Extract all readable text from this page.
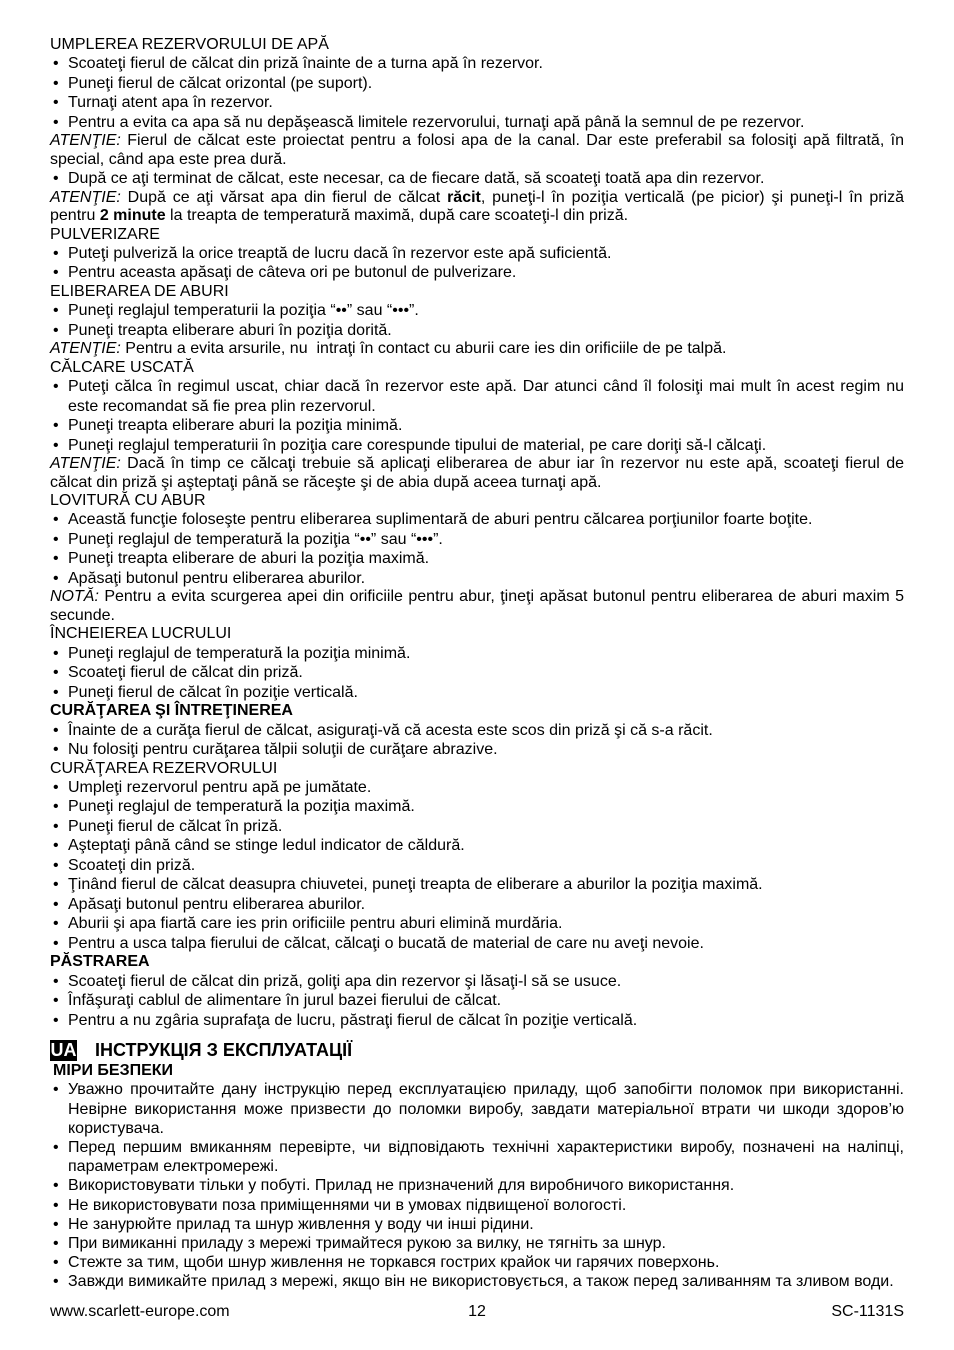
UMPLEREA REZERVORULUI DE APĂ

• Scoateţi fierul de călcat din priză înainte de a turna apă în rezervor.
• Puneţi fierul de călcat orizontal (pe suport).
• Turnaţi atent apa în rezervor.
• Pentru a evita ca apa să nu depăşească limitele rezervorului, turnaţi apă până la semnul de pe rezervor.

ATENŢIE: Fierul de călcat este proiectat pentru a folosi apa de la canal. Dar este preferabil sa folosiţi apă filtrată, în special, când apa este prea dură.

• După ce aţi terminat de călcat, este necesar, ca de fiecare dată, să scoateţi toată apa din rezervor.

ATENŢIE: După ce aţi vărsat apa din fierul de călcat răcit, puneţi-l în poziţia verticală (pe picior) şi puneţi-l în priză pentru 2 minute la treapta de temperatură maximă, după care scoateţi-l din priză.

PULVERIZARE

• Puteţi pulveriză la orice treaptă de lucru dacă în rezervor este apă suficientă.
• Pentru aceasta apăsaţi de câteva ori pe butonul de pulverizare.

ELIBERAREA DE ABURI

• Puneţi reglajul temperaturii la poziţia “••” sau “•••”.
• Puneţi treapta eliberare aburi în poziţia dorită.

ATENŢIE: Pentru a evita arsurile, nu  intraţi în contact cu aburii care ies din orificiile de pe talpă.

CĂLCARE USCATĂ

• Puteţi călca în regimul uscat, chiar dacă în rezervor este apă. Dar atunci când îl folosiţi mai mult în acest regim nu este recomandat să fie prea plin rezervorul.
• Puneţi treapta eliberare aburi la poziţia minimă.
• Puneţi reglajul temperaturii în poziţia care corespunde tipului de material, pe care doriţi să-l călcaţi.

ATENŢIE: Dacă în timp ce călcaţi trebuie să aplicaţi eliberarea de abur iar în rezervor nu este apă, scoateţi fierul de călcat din priză şi aşteptaţi până se răceşte şi de abia după aceea turnaţi apă.

LOVITURĂ CU ABUR

• Această funcţie foloseşte pentru eliberarea suplimentară de aburi pentru călcarea porţiunilor foarte boţite.
• Puneţi reglajul de temperatură la poziţia “••” sau “•••”.
• Puneţi treapta eliberare de aburi la poziţia maximă.
• Apăsaţi butonul pentru eliberarea aburilor.

NOTĂ: Pentru a evita scurgerea apei din orificiile pentru abur, ţineţi apăsat butonul pentru eliberarea de aburi maxim 5 secunde.

ÎNCHEIEREA LUCRULUI

• Puneţi reglajul de temperatură la poziţia minimă.
• Scoateţi fierul de călcat din priză.
• Puneţi fierul de călcat în poziţie verticală.

CURĂŢAREA ŞI ÎNTREŢINEREA

• Înainte de a curăţa fierul de călcat, asiguraţi-vă că acesta este scos din priză şi că s-a răcit.
• Nu folosiţi pentru curăţarea tălpii soluţii de curăţare abrazive.

CURĂŢAREA REZERVORULUI

• Umpleţi rezervorul pentru apă pe jumătate.
• Puneţi reglajul de temperatură la poziţia maximă.
• Puneţi fierul de călcat în priză.
• Aşteptaţi până când se stinge ledul indicator de căldură.
• Scoateţi din priză.
• Ţinând fierul de călcat deasupra chiuvetei, puneţi treapta de eliberare a aburilor la poziţia maximă.
• Apăsaţi butonul pentru eliberarea aburilor.
• Aburii şi apa fiartă care ies prin orificiile pentru aburi elimină murdăria.
• Pentru a usca talpa fierului de călcat, călcaţi o bucată de material de care nu aveţi nevoie.

PĂSTRAREA

• Scoateţi fierul de călcat din priză, goliţi apa din rezervor şi lăsaţi-l să se usuce.
• Înfăşuraţi cablul de alimentare în jurul bazei fierului de călcat.
• Pentru a nu zgâria suprafaţa de lucru, păstraţi fierul de călcat în poziţie verticală.
UA ІНСТРУКЦІЯ З ЕКСПЛУАТАЦІЇ

МІРИ БЕЗПЕКИ

• Уважно прочитайте дану інструкцію перед експлуатацією приладу, щоб запобігти поломок при використанні. Невірне використання може призвести до поломки виробу, завдати матеріальної втрати чи шкоди здоров’ю користувача.
• Перед першим вмиканням перевірте, чи відповідають технічні характеристики виробу, позначені на наліпці, параметрам електромережі.
• Використовувати тільки у побуті. Прилад не призначений для виробничого використання.
• Не використовувати поза приміщеннями чи в умовах підвищеної вологості.
• Не занурюйте прилад та шнур живлення у воду чи інші рідини.
• При вимиканні приладу з мережі тримайтеся рукою за вилку, не тягніть за шнур.
• Стежте за тим, щоби шнур живлення не торкався гострих крайок чи гарячих поверхонь.
• Завжди вимикайте прилад з мережі, якщо він не використовується, а також перед заливанням та зливом води.
www.scarlett-europe.com	12	SC-1131S
